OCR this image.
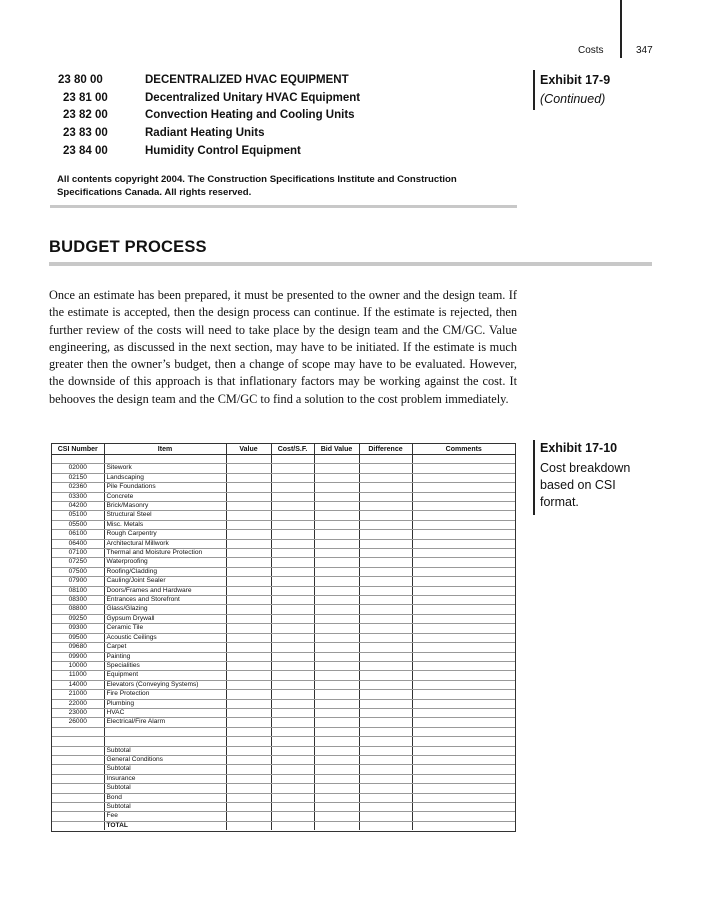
Costs	347
23 80 00	DECENTRALIZED HVAC EQUIPMENT
23 81 00	Decentralized Unitary HVAC Equipment
23 82 00	Convection Heating and Cooling Units
23 83 00	Radiant Heating Units
23 84 00	Humidity Control Equipment
All contents copyright 2004. The Construction Specifications Institute and Construction Specifications Canada. All rights reserved.
Exhibit 17-9
(Continued)
BUDGET PROCESS
Once an estimate has been prepared, it must be presented to the owner and the design team. If the estimate is accepted, then the design process can continue. If the estimate is rejected, then further review of the costs will need to take place by the design team and the CM/GC. Value engineering, as discussed in the next section, may have to be initiated. If the estimate is much greater then the owner’s budget, then a change of scope may have to be evaluated. However, the downside of this approach is that inflationary factors may be working against the cost. It behooves the design team and the CM/GC to find a solution to the cost problem immediately.
Exhibit 17-10
Cost breakdown based on CSI format.
CSI Number	Item	Value	Cost/S.F.	Bid Value	Difference	Comments

02000	Sitework					
02150	Landscaping					
02360	Pile Foundations					
03300	Concrete					
04200	Brick/Masonry					
05100	Structural Steel					
05500	Misc. Metals					
06100	Rough Carpentry					
06400	Architectural Millwork					
07100	Thermal and Moisture Protection					
07250	Waterproofing					
07500	Roofing/Cladding					
07900	Cauling/Joint Sealer					
08100	Doors/Frames and Hardware					
08300	Entrances and Storefront					
08800	Glass/Glazing					
09250	Gypsum Drywall					
09300	Ceramic Tile					
09500	Acoustic Ceilings					
09680	Carpet					
09900	Painting					
10000	Specialities					
11000	Equipment					
14000	Elevators (Conveying Systems)					
21000	Fire Protection					
22000	Plumbing					
23000	HVAC					
26000	Electrical/Fire Alarm					

	Subtotal					
	General Conditions					
	Subtotal					
	Insurance					
	Subtotal					
	Bond					
	Subtotal					
	Fee					
	TOTAL					
